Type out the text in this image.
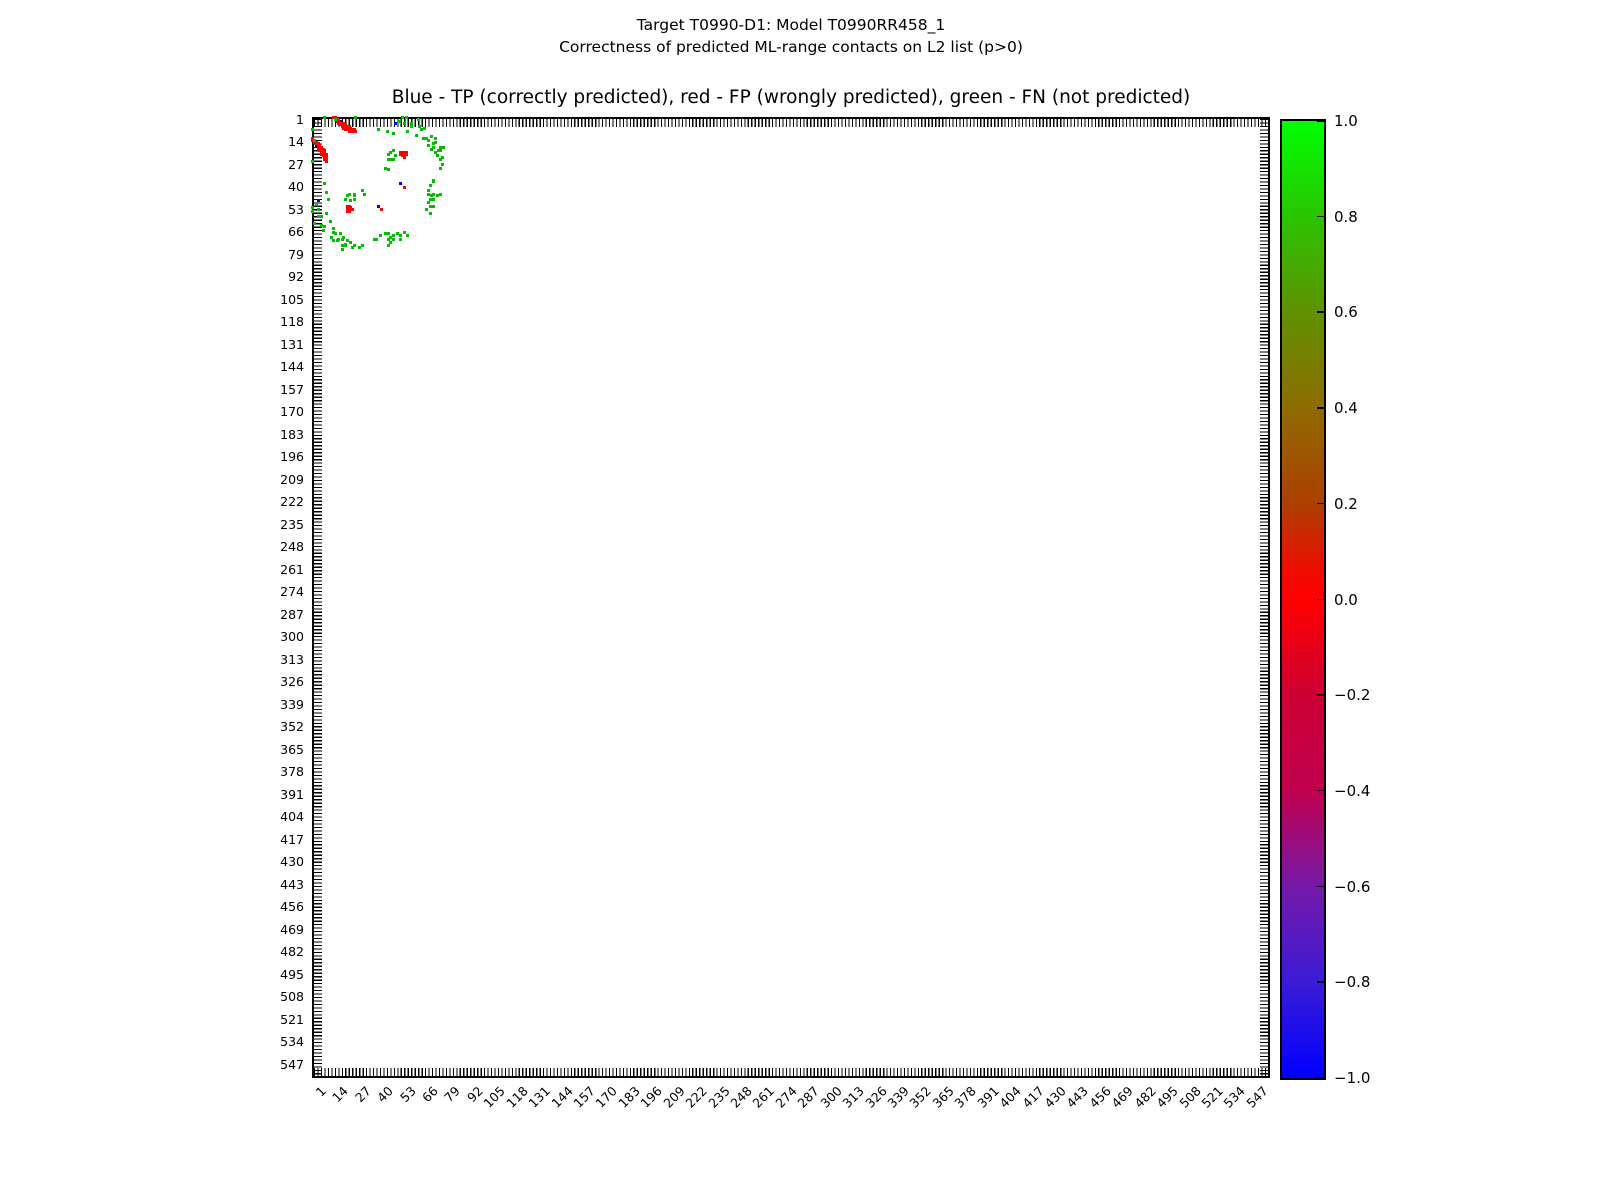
Target T0990-D1: Model T0990RR458_1
Correctness of predicted ML-range contacts on L2 list (p>0)
Blue - TP (correctly predicted), red - FP (wrongly predicted), green - FN (not predicted)
1
14
27
40
53
66
79
92
105
118
131
144
157
170
183
196
209
222
235
248
261
274
287
300
313
326
339
352
365
378
391
404
417
430
443
456
469
482
495
508
521
534
547
1 14 27 40 53 66 79 92
105
118
131
144
157
170
183
196
209
222
235
248
261
274
287
300
313
326
339
352
365
378
391
404
417
430
443
456
469
482
495
508
521
534
547
1.0
0.8
0.6
0.4
0.2
0.0
−0.2
−0.4
−0.6
−0.8
−1.0
